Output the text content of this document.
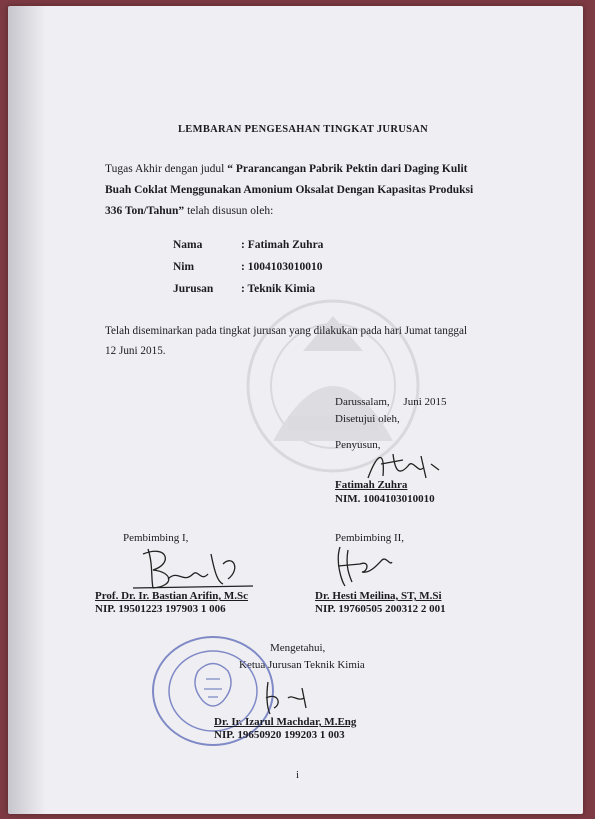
LEMBARAN PENGESAHAN TINGKAT JURUSAN
Tugas Akhir dengan judul “ Prarancangan Pabrik Pektin dari Daging Kulit
Buah Coklat Menggunakan Amonium Oksalat Dengan Kapasitas Produksi
336 Ton/Tahun” telah disusun oleh:
Nama	: Fatimah Zuhra
Nim	: 1004103010010
Jurusan : Teknik Kimia
Telah diseminarkan pada tingkat jurusan yang dilakukan pada hari Jumat tanggal
12 Juni 2015.
Darussalam,     Juni 2015
Disetujui oleh,
Penyusun,
Fatimah Zuhra
NIM. 1004103010010
Pembimbing I,
Prof. Dr. Ir. Bastian Arifin, M.Sc
NIP. 19501223 197903 1 006
Pembimbing II,
Dr. Hesti Meilina, ST, M.Si
NIP. 19760505 200312 2 001
Mengetahui,
Ketua Jurusan Teknik Kimia
Dr. Ir. Izarul Machdar, M.Eng
NIP. 19650920 199203 1 003
i
